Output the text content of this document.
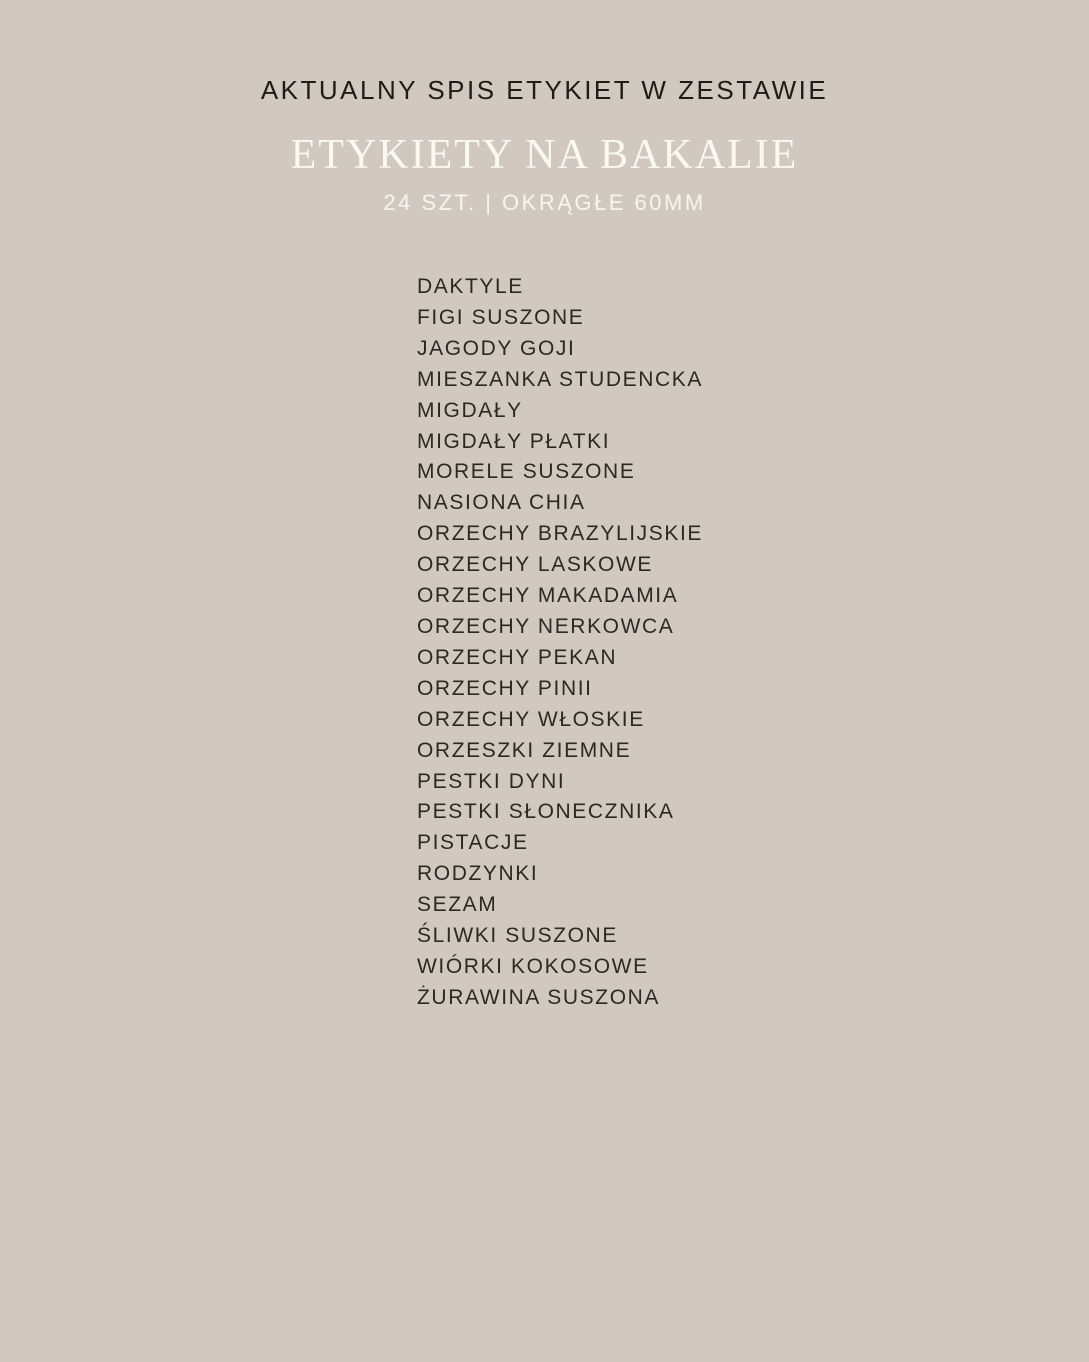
AKTUALNY SPIS ETYKIET W ZESTAWIE
ETYKIETY NA BAKALIE

24 SZT. | OKRĄGŁE 60MM

DAKTYLE
FIGI SUSZONE
JAGODY GOJI
MIESZANKA STUDENCKA
MIGDAŁY
MIGDAŁY PŁATKI
MORELE SUSZONE
NASIONA CHIA
ORZECHY BRAZYLIJSKIE
ORZECHY LASKOWE
ORZECHY MAKADAMIA
ORZECHY NERKOWCA
ORZECHY PEKAN
ORZECHY PINII
ORZECHY WŁOSKIE
ORZESZKI ZIEMNE
PESTKI DYNI
PESTKI SŁONECZNIKA
PISTACJE
RODZYNKI
SEZAM
ŚLIWKI SUSZONE
WIÓRKI KOKOSOWE
ŻURAWINA SUSZONA
